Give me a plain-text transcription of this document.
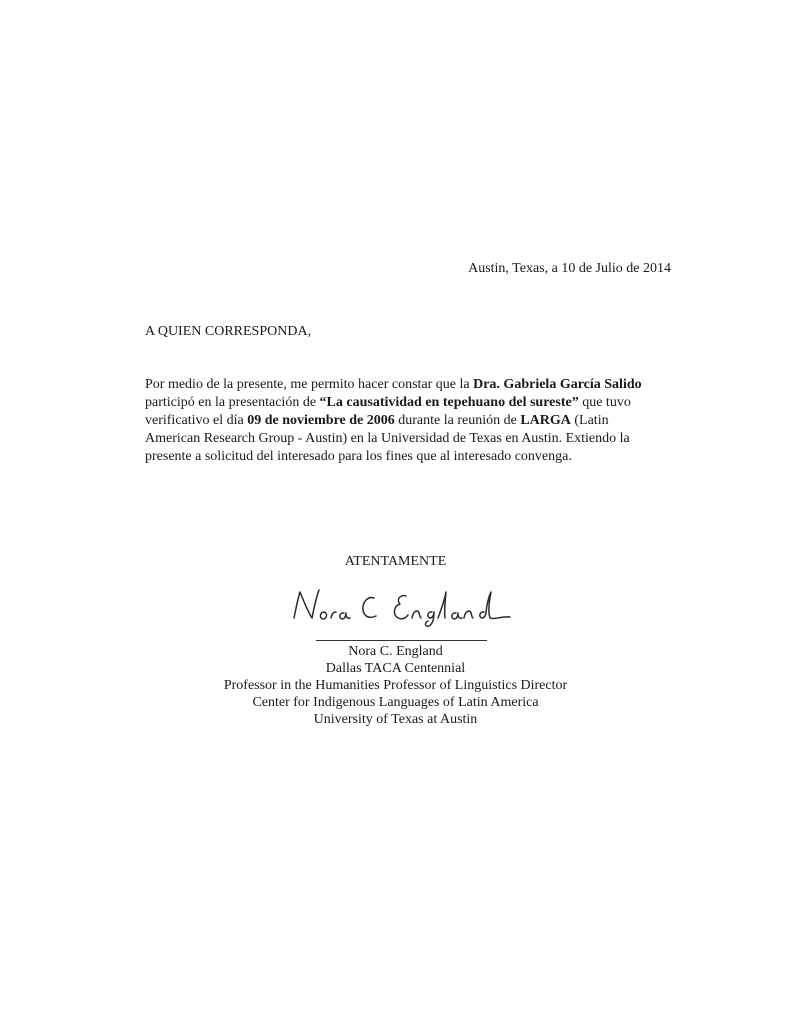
Austin, Texas, a 10 de Julio de 2014
A QUIEN CORRESPONDA,
Por medio de la presente, me permito hacer constar que la Dra. Gabriela García Salido participó en la presentación de “La causatividad en tepehuano del sureste” que tuvo verificativo el día 09 de noviembre de 2006 durante la reunión de LARGA (Latin American Research Group - Austin) en la Universidad de Texas en Austin. Extiendo la presente a solicitud del interesado para los fines que al interesado convenga.
ATENTAMENTE
Nora C. England
Dallas TACA Centennial
Professor in the Humanities Professor of Linguistics Director
Center for Indigenous Languages of Latin America
University of Texas at Austin
